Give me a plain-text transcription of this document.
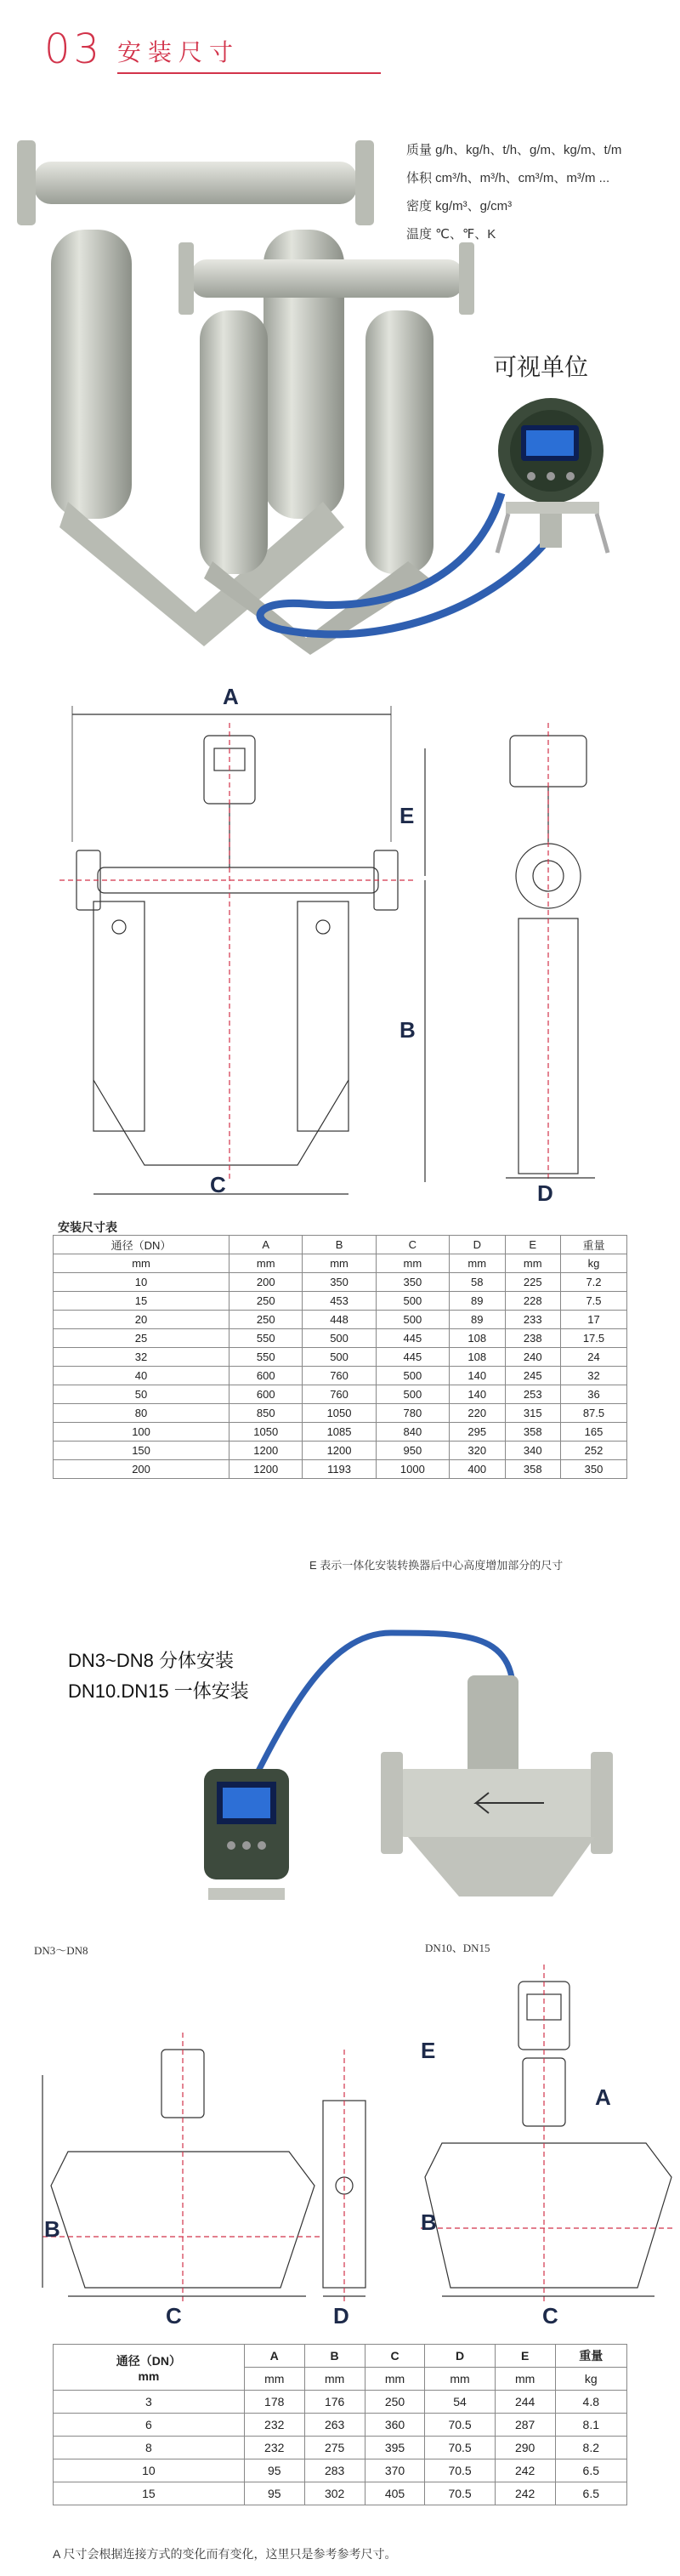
03 安装尺寸
质量 g/h、kg/h、t/h、g/m、kg/m、t/m
体积 cm³/h、m³/h、cm³/m、m³/m ...
密度 kg/m³、g/cm³
温度 ℃、℉、K
可视单位
A
B
E
C	D
安装尺寸表
通径（DN）	A	B	C	D	E	重量
mm	mm	mm	mm	mm	mm	kg
10	200	350	350	58	225	7.2
15	250	453	500	89	228	7.5
20	250	448	500	89	233	17
25	550	500	445	108	238	17.5
32	550	500	445	108	240	24
40	600	760	500	140	245	32
50	600	760	500	140	253	36
80	850	1050	780	220	315	87.5
100	1050	1085	840	295	358	165
150	1200	1200	950	320	340	252
200	1200	1193	1000	400	358	350
E 表示一体化安装转换器后中心高度增加部分的尺寸
DN3~DN8 分体安装
DN10.DN15 一体安装
DN3～DN8	DN10、DN15
B
C	D
E
A
B
C
通径（DN）
mm	A	B	C	D	E	重量
	mm	mm	mm	mm	mm	kg
3	178	176	250	54	244	4.8
6	232	263	360	70.5	287	8.1
8	232	275	395	70.5	290	8.2
10	95	283	370	70.5	242	6.5
15	95	302	405	70.5	242	6.5
A 尺寸会根据连接方式的变化而有变化，这里只是参考参考尺寸。
